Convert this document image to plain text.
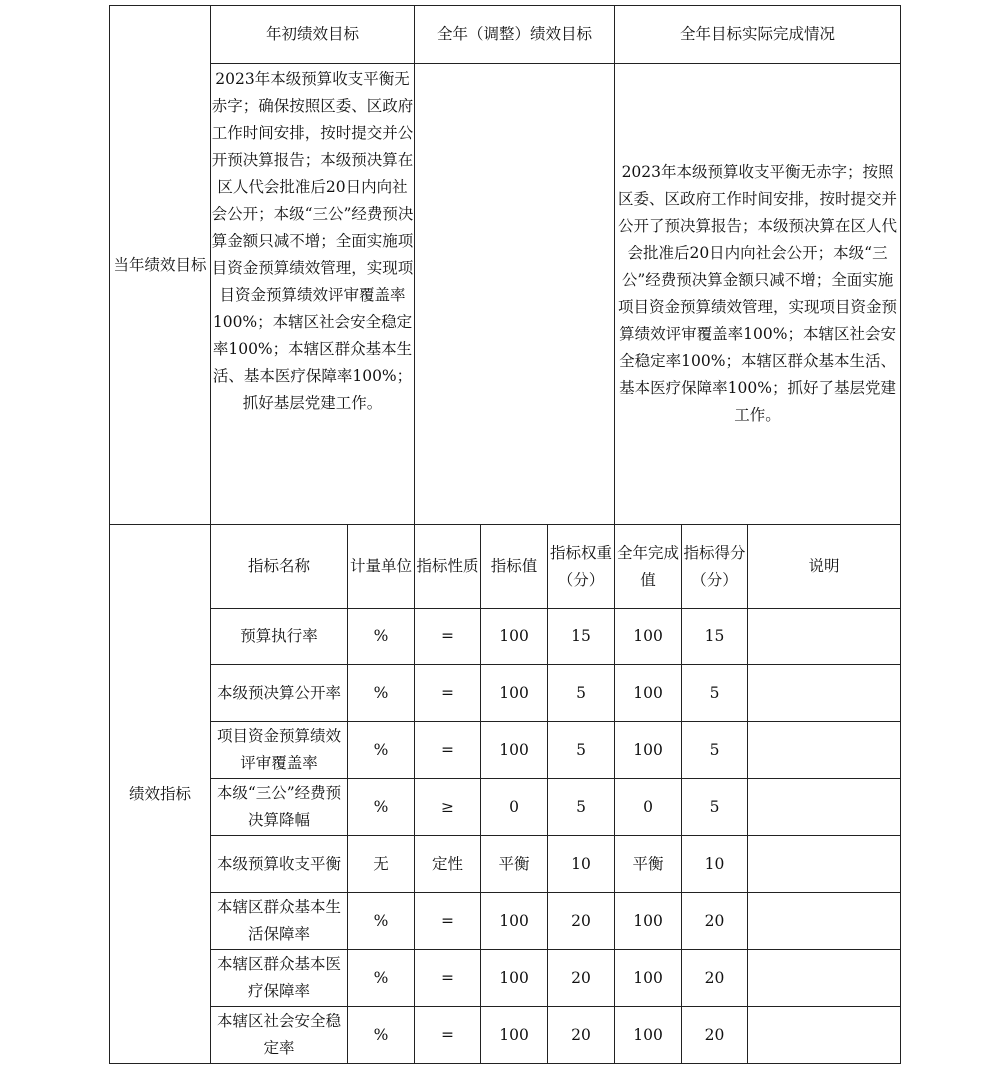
当年绩效目标	年初绩效目标		全年（调整）绩效目标			全年目标实际完成情况		
	2023年本级预算收支平衡无赤字；确保按照区委、区政府工作时间安排，按时提交并公开预决算报告；本级预决算在区人代会批准后20日内向社会公开；本级“三公”经费预决算金额只减不增；全面实施项目资金预算绩效管理，实现项目资金预算绩效评审覆盖率100%；本辖区社会安全稳定率100%；本辖区群众基本生活、基本医疗保障率100%；抓好基层党建工作。					2023年本级预算收支平衡无赤字；按照区委、区政府工作时间安排，按时提交并公开了预决算报告；本级预决算在区人代会批准后20日内向社会公开；本级“三公”经费预决算金额只减不增；全面实施项目资金预算绩效管理，实现项目资金预算绩效评审覆盖率100%；本辖区社会安全稳定率100%；本辖区群众基本生活、基本医疗保障率100%；抓好了基层党建工作。		
绩效指标	指标名称	计量单位	指标性质	指标值	指标权重（分）	全年完成值	指标得分（分）	说明
	预算执行率	%	=	100	15	100	15	
	本级预决算公开率	%	=	100	5	100	5	
	项目资金预算绩效评审覆盖率	%	=	100	5	100	5	
	本级“三公”经费预决算降幅	%	≥	0	5	0	5	
	本级预算收支平衡	无	定性	平衡	10	平衡	10	
	本辖区群众基本生活保障率	%	=	100	20	100	20	
	本辖区群众基本医疗保障率	%	=	100	20	100	20	
	本辖区社会安全稳定率	%	=	100	20	100	20	
